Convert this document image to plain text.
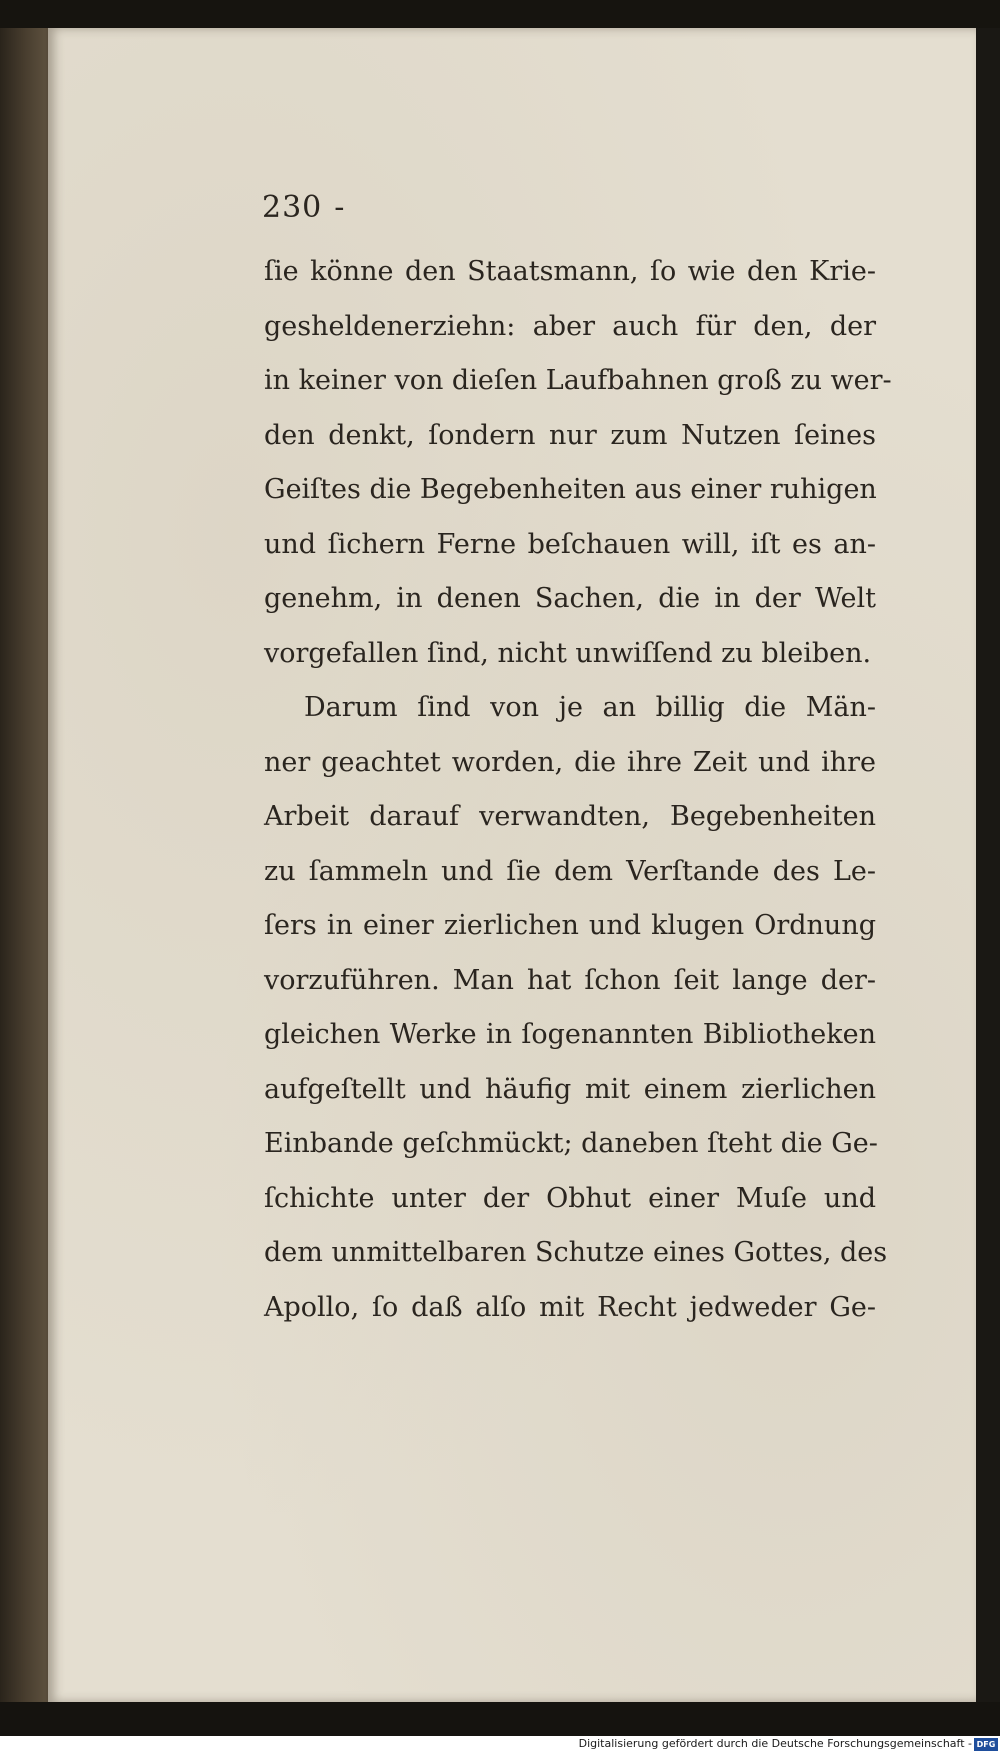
230 -
ſie könne den Staatsmann, ſo wie den Krie-
gesheldenerziehn: aber auch für den, der
in keiner von dieſen Laufbahnen groß zu wer-
den denkt, ſondern nur zum Nutzen ſeines
Geiſtes die Begebenheiten aus einer ruhigen
und ſichern Ferne beſchauen will, iſt es an-
genehm, in denen Sachen, die in der Welt
vorgefallen ſind, nicht unwiſſend zu bleiben.
Darum ſind von je an billig die Män-
ner geachtet worden, die ihre Zeit und ihre
Arbeit darauf verwandten, Begebenheiten
zu ſammeln und ſie dem Verſtande des Le-
ſers in einer zierlichen und klugen Ordnung
vorzuführen. Man hat ſchon ſeit lange der-
gleichen Werke in ſogenannten Bibliotheken
aufgeſtellt und häufig mit einem zierlichen
Einbande geſchmückt; daneben ſteht die Ge-
ſchichte unter der Obhut einer Muſe und
dem unmittelbaren Schutze eines Gottes, des
Apollo, ſo daß alſo mit Recht jedweder Ge-
Digitalisierung gefördert durch die Deutsche Forschungsgemeinschaft - DFG
